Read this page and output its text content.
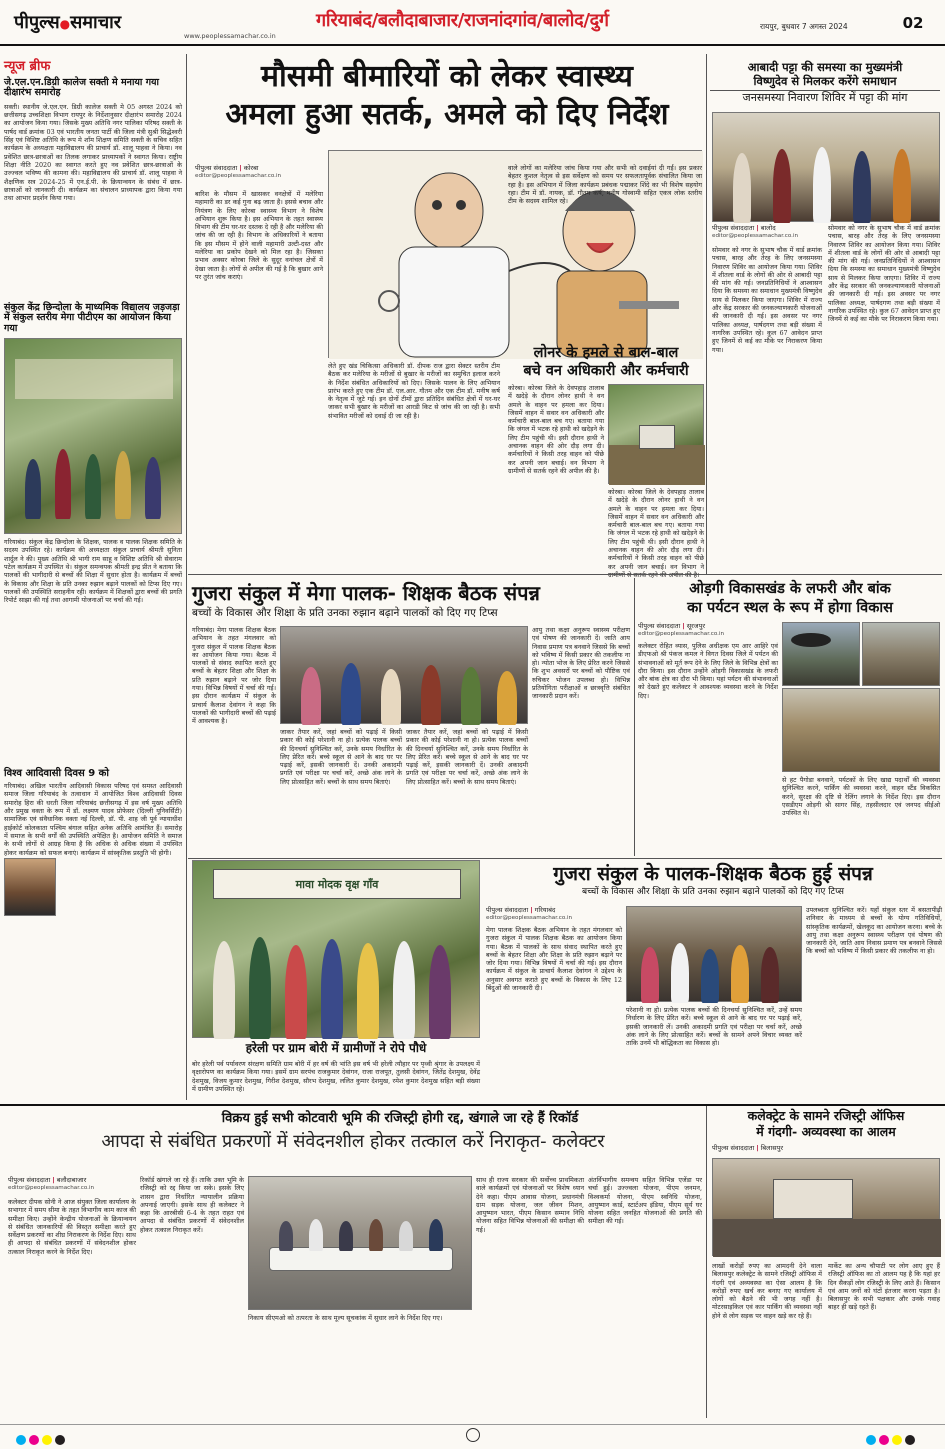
पीपुल्स●समाचार
www.peoplessamachar.co.in
गरियाबंद/बलौदाबाजार/राजनांदगांव/बालोद/दुर्ग	रायपुर, बुधवार 7 अगस्त 2024	02
न्यूज ब्रीफ
जे.एल.एन.डिग्री कालेज सक्ती मे मनाया गया दीक्षारंभ समारोह
सक्ती। स्थानीय जे.एल.एन. डिग्री कालेज सक्ती मे 05 अगस्त 2024 को छत्तीसगढ़ उच्चशिक्षा विभाग रायपुर के निर्देशानुसार दीक्षारंभ समारोह 2024 का आयोजन किया गया। जिसके मुख्य अतिथि नगर पालिका परिषद सक्ती के पार्षद वार्ड क्रमांक 03 एवं भारतीय जनता पार्टी की जिला मंत्री सुश्री सिद्धेश्वरी सिंह एवं विशिष्ट अतिथि के रूप मे शाँम शिक्षण समिति सक्ती के सचिव सहित कार्यक्रम के अध्यक्षता महाविद्यालय की प्राचार्य डॉ. शालू पाहवा ने किया। नव प्रवेशित छात्र-छात्राओं का तिलक लगाकर प्राध्यापकों ने स्वागत किया। राष्ट्रीय शिक्षा नीति 2020 का स्वागत करते हुए नव प्रवेशित छात्र-छात्राओं के उज्ज्वल भविष्य की कामना की। महाविद्यालय की प्राचार्य डॉ. शालू पाहवा ने शैक्षणिक सत्र 2024-25 में एन.ई.पी. के क्रियान्वयन के संबंध में छात्र-छात्राओं को जानकारी दी। कार्यक्रम का संचालन प्राध्यापक द्वारा किया गया तथा आभार प्रदर्शन किया गया।
संकुल केंद्र छिन्दोला के माध्यमिक विद्यालय जड़जड़ा में संकुल स्तरीय मेगा पीटीएम का आयोजन किया गया
गरियाबंद। संकुल केंद्र छिन्दोला के शिक्षक, पालक व पालक शिक्षक समिति के सदस्य उपस्थित रहे। कार्यक्रम की अध्यक्षता संकुल प्राचार्य श्रीमती सुनिता शार्दुल ने की। मुख्य अतिथि श्री भागी राम साहू व विशिष्ट अतिथि श्री सेवाराम पटेल कार्यक्रम में उपस्थित थे। संकुल समन्वयक श्रीमती इन्द्र प्रीत ने बताया कि पालकों की भागीदारी से बच्चों की शिक्षा में सुधार होता है। कार्यक्रम में बच्चों के विकास और शिक्षा के प्रति उनका रुझान बढ़ाने पालकों को टिप्स दिए गए। पालकों की उपस्थिति सराहनीय रही। कार्यक्रम में शिक्षकों द्वारा बच्चों की प्रगति रिपोर्ट साझा की गई तथा आगामी योजनाओं पर चर्चा की गई।
विश्व आदिवासी दिवस 9 को
गरियाबंद। अखिल भारतीय आदिवासी विकास परिषद एवं समस्त आदिवासी समाज जिला गरियाबंद के तत्वाधान में आयोजित विश्व आदिवासी दिवस समारोह हिरा की धरती जिला गरियाबंद छत्तीसगढ़ में इस वर्ष मुख्य अतिथि और प्रमुख वक्ता के रूप में डॉ. लक्ष्मण यादव प्रोफेसर (दिल्ली यूनिवर्सिटी) सामाजिक एवं संवैधानिक वक्ता नई दिल्ली, डॉ. पी. शाह जी पूर्व न्यायाधीश हाईकोर्ट कोलकाता पश्चिम बंगाल सहित अनेक अतिथि आमंत्रित हैं। समारोह में समाज के सभी वर्गों की उपस्थिति अपेक्षित है। आयोजन समिति ने समाज के सभी लोगों से आग्रह किया है कि अधिक से अधिक संख्या में उपस्थित होकर कार्यक्रम को सफल बनाएं। कार्यक्रम में सांस्कृतिक प्रस्तुति भी होगी।
मौसमी बीमारियों को लेकर स्वास्थ्य
अमला हुआ सतर्क, अमले को दिए निर्देश
पीपुल्स संवाददाता | कोरबा
editor@peoplessamachar.co.in
बारिश के मौसम में खासकर वनक्षेत्रों में मलेरिया महामारी का डर कई गुना बढ़ जाता है। इससे बचाव और नियंत्रण के लिए कोरबा स्वास्थ्य विभाग ने विशेष अभियान शुरू किया है। इस अभियान के तहत स्वास्थ्य विभाग की टीम घर-घर दस्तक दे रही है और मलेरिया की जांच की जा रही है। विभाग के अधिकारियों ने बताया कि इस मौसम में होने वाली महामारी उल्टी-दस्त और मलेरिया का प्रकोप देखने को मिल रहा है। जिसका प्रभाव अक्सर कोरबा जिले के सुदूर वनांचल क्षेत्रों में देखा जाता है। लोगों से अपील की गई है कि बुखार आने पर तुरंत जांच कराएं।
लेते हुए खंड चिकित्सा अधिकारी डॉ. दीपक राज द्वारा सेक्टर स्तरीय टीम बैठक कर मलेरिया के मरीजों से बुखार के मरीजों का समुचित इलाज करने के निर्देश संबंधित अधिकारियों को दिए। जिसके पालन के लिए अभियान प्रारंभ करते हुए एक टीम डॉ. एल.आर. गौतम और एक टीम डॉ. मनीष कर्ष के नेतृत्व में जुटे गई। इन दोनों टीमों द्वारा प्रतिदिन संबंधित क्षेत्रों में घर-घर जाकर सभी बुखार के मरीजों का आरडी किट से जांच की जा रही है। सभी संभावित मरीजों को दवाई दी जा रही है।
वाले लोगों का मलेरिया जांच किया गया और सभी को दवाईयां दी गईं। इस प्रकार बेहतर कुशल नेतृत्व से इस सर्वेक्षण को समय पर सफलतापूर्वक संचालित किया जा रहा है। इस अभियान में जिला कार्यक्रम प्रबंधक पद्माकर शिंदे का भी विशेष सहयोग रहा। टीम में डॉ. नायक, डॉ. गौतम कर्ष, मनीष गोस्वामी सहित एकत्र लोक स्तरीय टीम के सदस्य शामिल रहे।
लोनर के हमले से बाल-बाल
बचे वन अधिकारी और कर्मचारी
कोरबा। कोरबा जिले के देवपहाड़ तालाब में खदेड़े के दौरान लोनर हाथी ने वन अमले के वाहन पर हमला कर दिया। जिसमें वाहन में सवार वन अधिकारी और कर्मचारी बाल-बाल बच गए। बताया गया कि जंगल में भटक रहे हाथी को खदेड़ने के लिए टीम पहुंची थी। इसी दौरान हाथी ने अचानक वाहन की ओर दौड़ लगा दी। कर्मचारियों ने किसी तरह वाहन को पीछे कर अपनी जान बचाई। वन विभाग ने ग्रामीणों से सतर्क रहने की अपील की है।
कोरबा। कोरबा जिले के देवपहाड़ तालाब में खदेड़े के दौरान लोनर हाथी ने वन अमले के वाहन पर हमला कर दिया। जिसमें वाहन में सवार वन अधिकारी और कर्मचारी बाल-बाल बच गए। बताया गया कि जंगल में भटक रहे हाथी को खदेड़ने के लिए टीम पहुंची थी। इसी दौरान हाथी ने अचानक वाहन की ओर दौड़ लगा दी। कर्मचारियों ने किसी तरह वाहन को पीछे कर अपनी जान बचाई। वन विभाग ने
आबादी पट्टा की समस्या का मुख्यमंत्री
विष्णुदेव से मिलकर करेंगे समाधान
जनसमस्या निवारण शिविर में पट्टा की मांग
पीपुल्स संवाददाता | बालोद
editor@peoplessamachar.co.in
सोमवार को नगर के सुभाष चौक में वार्ड क्रमांक पचास, बारह और तेरह के लिए जनसमस्या निवारण शिविर का आयोजन किया गया। शिविर में शीतला वार्ड के लोगों की ओर से आबादी पट्टा की मांग की गई। जनप्रतिनिधियों ने आश्वासन दिया कि समस्या का समाधान मुख्यमंत्री विष्णुदेव साय से मिलकर किया जाएगा। शिविर में राज्य और केंद्र सरकार की जनकल्याणकारी योजनाओं की जानकारी दी गई। इस अवसर पर नगर पालिका अध्यक्ष, पार्षदगण तथा बड़ी संख्या में नागरिक उपस्थित रहे। कुल 67 आवेदन प्राप्त हुए जिनमें से कई का मौके पर निराकरण किया गया।
सोमवार को नगर के सुभाष चौक में वार्ड क्रमांक पचास, बारह और तेरह के लिए जनसमस्या निवारण शिविर का आयोजन किया गया। शिविर में शीतला वार्ड के लोगों की ओर से आबादी पट्टा की मांग की गई। जनप्रतिनिधियों ने आश्वासन दिया कि समस्या का समाधान मुख्यमंत्री विष्णुदेव साय से मिलकर किया जाएगा। शिविर में राज्य और केंद्र सरकार की जनकल्याणकारी योजनाओं की जानकारी दी गई। इस अवसर पर नगर पालिका अध्यक्ष, पार्षदगण तथा बड़ी संख्या में नागरिक उपस्थित रहे। कुल 67 आवेदन प्राप्त हुए जिनमें से कई का मौके पर निराकरण किया गया।
गुजरा संकुल में मेगा पालक- शिक्षक बैठक संपन्न
बच्चों के विकास और शिक्षा के प्रति उनका रुझान बढ़ाने पालकों को दिए गए टिप्स
गरियाबंद। मेगा पालक शिक्षक बैठक अभियान के तहत मंगलवार को गुजरा संकुल में पालक शिक्षक बैठक का आयोजन किया गया। बैठक में पालकों से संवाद स्थापित करते हुए बच्चों के बेहतर शिक्षा और शिक्षा के प्रति रुझान बढ़ाने पर जोर दिया गया। विभिन्न विषयों में चर्चा की गई। इस दौरान कार्यक्रम में संकुल के प्राचार्य कैलाश देवांगन ने कहा कि पालकों की भागीदारी बच्चों की पढ़ाई में आवश्यक है।
जाकर तैयार करें, जहां बच्चों को पढ़ाई में किसी प्रकार की कोई परेशानी ना हो। प्रत्येक पालक बच्चों की दिनचर्या सुनिश्चित करें, उनके समय निर्धारित के लिए प्रेरित करें। बच्चे स्कूल से आने के बाद घर पर पढ़ाई करें, इसकी जानकारी दें। उनकी अकादमी प्रगति एवं परीक्षा पर चर्चा करें, अच्छे अंक लाने के लिए प्रोत्साहित करें। बच्चों के साथ समय बिताएं।
जाकर तैयार करें, जहां बच्चों को पढ़ाई में किसी प्रकार की कोई परेशानी ना हो। प्रत्येक पालक बच्चों की दिनचर्या सुनिश्चित करें, उनके समय निर्धारित के लिए प्रेरित करें। बच्चे स्कूल से आने के बाद घर पर पढ़ाई करें, इसकी जानकारी दें। उनकी अकादमी प्रगति एवं परीक्षा पर चर्चा करें, अच्छे अंक लाने के लिए प्रोत्साहित करें। बच्चों के साथ समय बिताएं।
आयु तथा कक्षा अनुरूप स्वास्थ्य परीक्षण एवं पोषण की जानकारी दें। जाति आय निवास प्रमाण पत्र बनवाने जिससे कि बच्चों को भविष्य में किसी प्रकार की तकलीफ ना हो। न्योता भोज के लिए प्रेरित करने जिससे कि शुभ अवसरों पर बच्चों को पौष्टिक एवं रुचिकर भोजन उपलब्ध हो। विभिन्न प्रतियोगिता परीक्षाओं व छात्रवृत्ति संबंधित जानकारी प्रदान करें।
ओड़गी विकासखंड के लफरी और बांक
का पर्यटन स्थल के रूप में होगा विकास
पीपुल्स संवाददाता | सूरजपुर
editor@peoplessamachar.co.in
कलेक्टर रोहित व्यास, पुलिस अधीक्षक एम आर आहिरे एवं डीएफओ श्री पंकज कमल ने विगत दिवस जिले में पर्यटन की संभावनाओं को मूर्त रूप देने के लिए जिले के विभिन्न क्षेत्रों का दौरा किया। इस दौरान उन्होंने ओड़गी विकासखंड के लफरी और बांक क्षेत्र का दौरा भी किया। यहां पर्यटन की संभावनाओं को देखते हुए कलेक्टर ने आवश्यक व्यवस्था करने के निर्देश दिए।
से हट पैगोडा बनवाने, पर्यटकों के लिए खाद्य पदार्थों की व्यवस्था सुनिश्चित करने, पार्किंग की व्यवस्था करने, वाहन स्टैंड विकसित करने, सुरक्षा की दृष्टि से रेलिंग लगाने के निर्देश दिए। इस दौरान एसडीएम ओड़गी श्री सागर सिंह, तहसीलदार एवं जनपद सीईओ उपस्थित थे।
मावा मोदक वृक्ष गाँव
हरेली पर ग्राम बोरी में ग्रामीणों ने रोपे पौधे
बोर हरेली पर्व पर्यावरण संरक्षण समिति ग्राम बोरी में हर वर्ष की भांति इस वर्ष भी हरेली त्यौहार पर पृथ्वी श्रृंगार के उपलक्ष्य में वृक्षारोपण का कार्यक्रम किया गया। इसमें ग्राम सरपंच राजकुमार देवांगन, राजा राजपूत, तुलसी देवांगन, जितेंद्र देशमुख, देवेंद्र देशमुख, विजय कुमार देशमुख, गिरीश देशमुख, सौरभ देशमुख, ललित कुमार देशमुख, रमेश कुमार देशमुख सहित बड़ी संख्या में ग्रामीण उपस्थित रहे।
गुजरा संकुल के पालक-शिक्षक बैठक हुई संपन्न
बच्चों के विकास और शिक्षा के प्रति उनका रुझान बढ़ाने पालकों को दिए गए टिप्स
पीपुल्स संवाददाता | गरियाबंद
editor@peoplessamachar.co.in
मेगा पालक शिक्षक बैठक अभियान के तहत मंगलवार को गुजरा संकुल में पालक शिक्षक बैठक का आयोजन किया गया। बैठक में पालकों के साथ संवाद स्थापित करते हुए बच्चों के बेहतर शिक्षा और शिक्षा के प्रति रुझान बढ़ाने पर जोर दिया गया। विभिन्न विषयों में चर्चा की गई। इस दौरान कार्यक्रम में संकुल के प्राचार्य कैलाश देवांगन ने उद्देश्य के अनुसार अवगत कराते हुए बच्चों के विकास के लिए 12 बिंदुओं की जानकारी दी।
परेशानी ना हो। प्रत्येक पालक बच्चों की दिनचर्या सुनिश्चित करें, उन्हें समय निर्धारण के लिए प्रेरित करें। बच्चे स्कूल से आने के बाद घर पर पढ़ाई करें, इसकी जानकारी लें। उनकी अकादमी प्रगति एवं परीक्षा पर चर्चा करें, अच्छे अंक लाने के लिए प्रोत्साहित करें। बच्चों के सामने अपने विचार व्यक्त करें ताकि उनमें भी बोद्धिकता का विकास हो।
उपलब्धता सुनिश्चित करें। यहाँ संकुल स्तर में बसतापीढ़ी शनिवार के माध्यम से बच्चों के योग्य गतिविधियों, सांस्कृतिक कार्यक्रमों, खेलकूद का आयोजन करना। बच्चे के आयु तथा कक्षा अनुरूप स्वास्थ्य परीक्षण एवं पोषण की जानकारी देने, जाति आय निवास प्रमाण पत्र बनवाने जिससे कि बच्चों को भविष्य में किसी प्रकार की तकलीफ ना हो।
विक्रय हुई सभी कोटवारी भूमि की रजिस्ट्री होगी रद्द, खंगाले जा रहे हैं रिकॉर्ड
आपदा से संबंधित प्रकरणों में संवेदनशील होकर तत्काल करें निराकृत- कलेक्टर
पीपुल्स संवाददाता | बलौदाबाजार
editor@peoplessamachar.co.in
कलेक्टर दीपक सोनी ने आज संयुक्त जिला कार्यालय के सभागार में समय सीमा के तहत विभागीय काम काज की समीक्षा किए। उन्होंने केन्द्रीय योजनाओं के क्रियान्वयन से संबंधित जानकारियों की विस्तृत समीक्षा करते हुए सर्वेक्षण प्रकरणों का शीघ्र निराकरण के निर्देश दिए। साथ ही आपदा से संबंधित प्रकरणों में संवेदनशील होकर तत्काल निराकृत करने के निर्देश दिए।
रिकॉर्ड खंगाले जा रहे हैं। ताकि उक्त भूमि के रजिस्ट्री को रद्द किया जा सके। इसके लिए शासन द्वारा निर्धारित न्यायालीन प्रक्रिया अपनाई जाएगी। इसके साथ ही कलेक्टर ने कहा कि आरबीसी 6-4 के तहत राहत एवं आपदा से संबंधित प्रकरणों में संवेदनशील होकर तत्काल निराकृत करें।
निकाय सीएमओ को तत्परता के साथ मूल्य सूचकांक में सुधार लाने के निर्देश दिए गए।
साथ ही राज्य सरकार की सर्वोच्च प्राथमिकता वाले कार्यक्रमों एवं योजनाओं पर विशेष ध्यान देने कहा। पीएम आवास योजना, प्रधानमंत्री ग्राम सड़क योजना, जल जीवन मिशन, आयुष्मान भारत, पीएम किसान सम्मान निधि योजना सहित विभिन्न योजनाओं की समीक्षा की गई।
अंतर्विभागीय समन्वय सहित विभिन्न एजेंडा पर चर्चा हुई। उज्ज्वला योजना, पीएम जनमन, विश्वकर्मा योजना, पीएम स्वनिधि योजना, आयुष्मान कार्ड, स्टार्टअप इंडिया, पीएम सूर्य घर योजना सहित जनहित योजनाओं की प्रगति की समीक्षा की गई।
कलेक्ट्रेट के सामने रजिस्ट्री ऑफिस
में गंदगी- अव्यवस्था का आलम
पीपुल्स संवाददाता | बिलासपुर
लाखों करोड़ों रुपए का आमदनी देने वाला बिलासपुर कलेक्ट्रेट के सामने रजिस्ट्री ऑफिस में गंदगी एवं अव्यवस्था का ऐसा आलम है कि करोड़ों रुपए खर्च कर बनाए गए कार्यालय में लोगों को बैठने की भी जगह नहीं है। मोटरसाइकिल एवं कार पार्किंग की व्यवस्था नहीं होने से लोग सड़क पर वाहन खड़े कर रहे हैं।
मार्केट का अन्य चौपाटी पर लोग आए हुए हैं रजिस्ट्री ऑफिस का तो आलम यह है कि यहां हर दिन सैकड़ों लोग रजिस्ट्री के लिए आते हैं। किसान एवं आम जनों को घंटों इंतजार करना पड़ता है। बिलासपुर के सभी पक्षकार और उनके गवाह बाहर ही खड़े रहते हैं।
